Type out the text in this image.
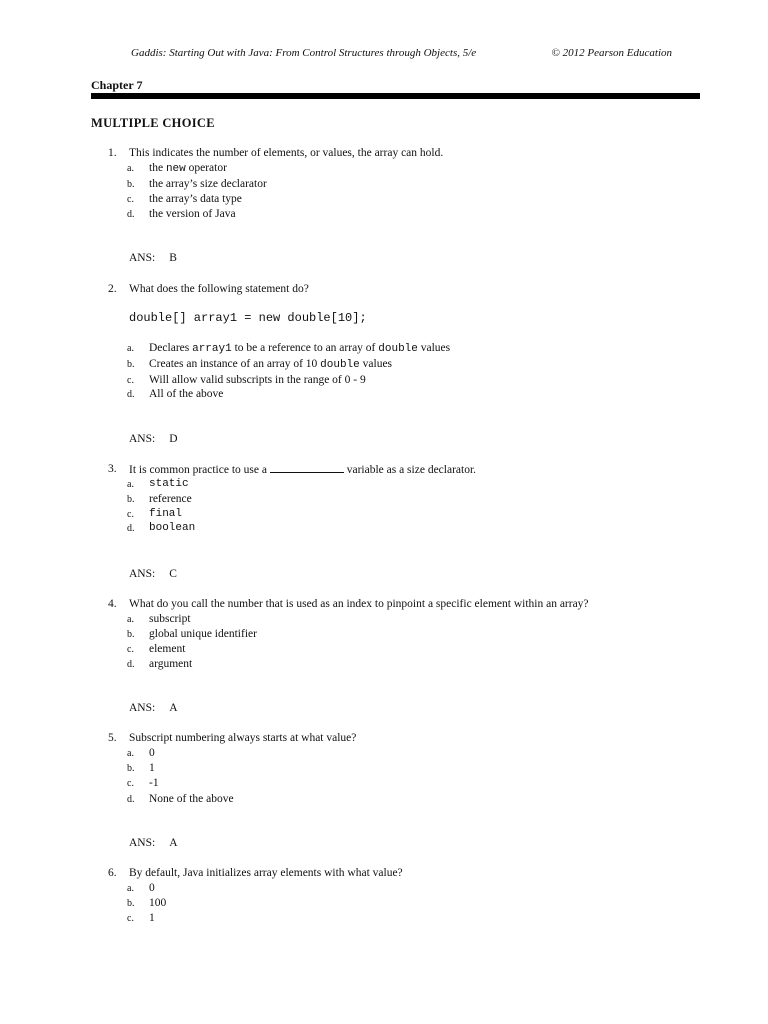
Gaddis: Starting Out with Java: From Control Structures through Objects, 5/e	© 2012 Pearson Education
Chapter 7
MULTIPLE CHOICE
1. This indicates the number of elements, or values, the array can hold.
a. the new operator
b. the array’s size declarator
c. the array’s data type
d. the version of Java
ANS: B
2. What does the following statement do?
double[] array1 = new double[10];
a. Declares array1 to be a reference to an array of double values
b. Creates an instance of an array of 10 double values
c. Will allow valid subscripts in the range of 0 - 9
d. All of the above
ANS: D
3. It is common practice to use a	variable as a size declarator.
a. static
b. reference
c. final
d. boolean
ANS: C
4. What do you call the number that is used as an index to pinpoint a specific element within an array?
a. subscript
b. global unique identifier
c. element
d. argument
ANS: A
5. Subscript numbering always starts at what value?
a. 0
b. 1
c. -1
d. None of the above
ANS: A
6. By default, Java initializes array elements with what value?
a. 0
b. 100
c. 1
